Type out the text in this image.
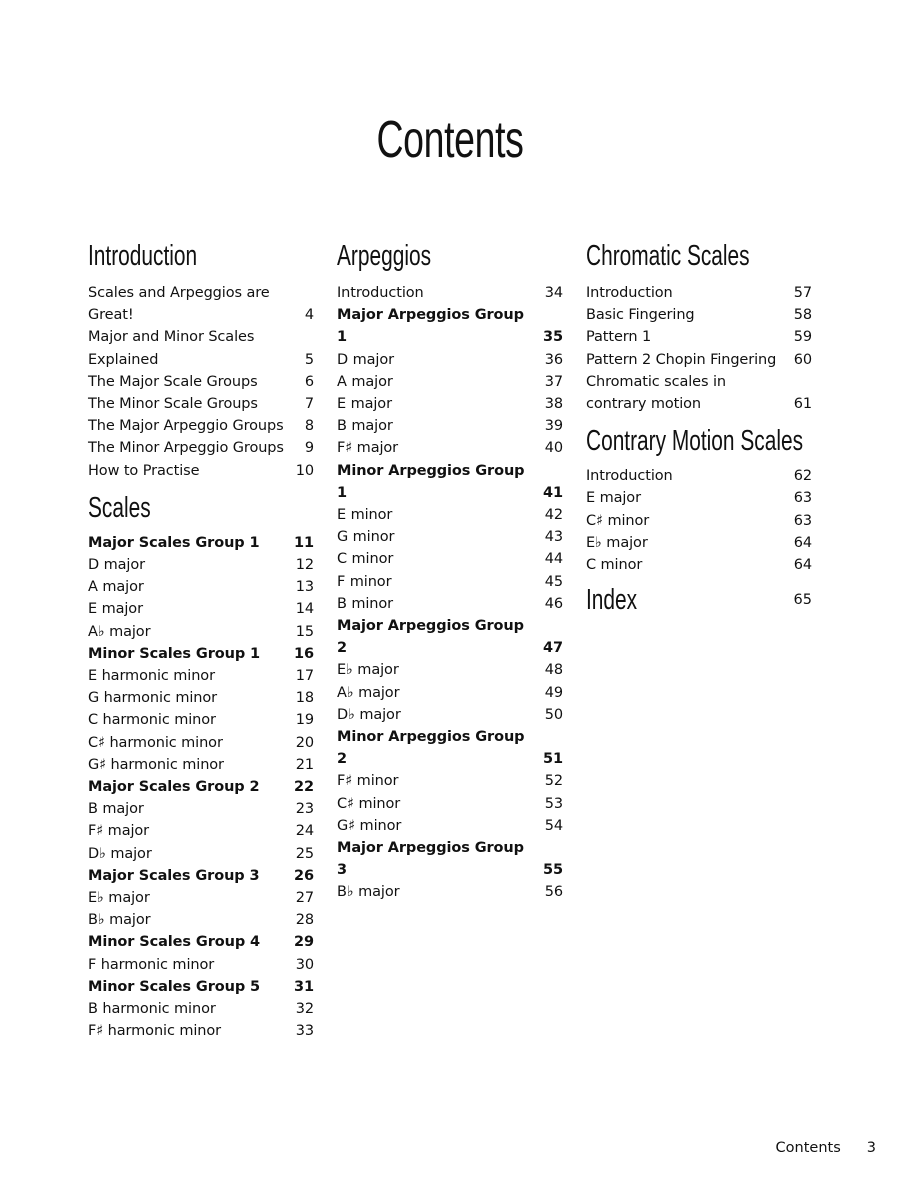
Contents
Introduction
Scales and Arpeggios are
Great!	4
Major and Minor Scales
Explained	5
The Major Scale Groups	6
The Minor Scale Groups	7
The Major Arpeggio Groups	8
The Minor Arpeggio Groups	9
How to Practise	10
Scales
Major Scales Group 1	11
D major	12
A major	13
E major	14
A♭ major	15
Minor Scales Group 1	16
E harmonic minor	17
G harmonic minor	18
C harmonic minor	19
C♯ harmonic minor	20
G♯ harmonic minor	21
Major Scales Group 2	22
B major	23
F♯ major	24
D♭ major	25
Major Scales Group 3	26
E♭ major	27
B♭ major	28
Minor Scales Group 4	29
F harmonic minor	30
Minor Scales Group 5	31
B harmonic minor	32
F♯ harmonic minor	33
Arpeggios
Introduction	34
Major Arpeggios Group 1	35
D major	36
A major	37
E major	38
B major	39
F♯ major	40
Minor Arpeggios Group 1	41
E minor	42
G minor	43
C minor	44
F minor	45
B minor	46
Major Arpeggios Group 2	47
E♭ major	48
A♭ major	49
D♭ major	50
Minor Arpeggios Group 2	51
F♯ minor	52
C♯ minor	53
G♯ minor	54
Major Arpeggios Group 3	55
B♭ major	56
Chromatic Scales
Introduction	57
Basic Fingering	58
Pattern 1	59
Pattern 2 Chopin Fingering	60
Chromatic scales in
contrary motion	61
Contrary Motion Scales
Introduction	62
E major	63
C♯ minor	63
E♭ major	64
C minor	64
Index	65
Contents 3
